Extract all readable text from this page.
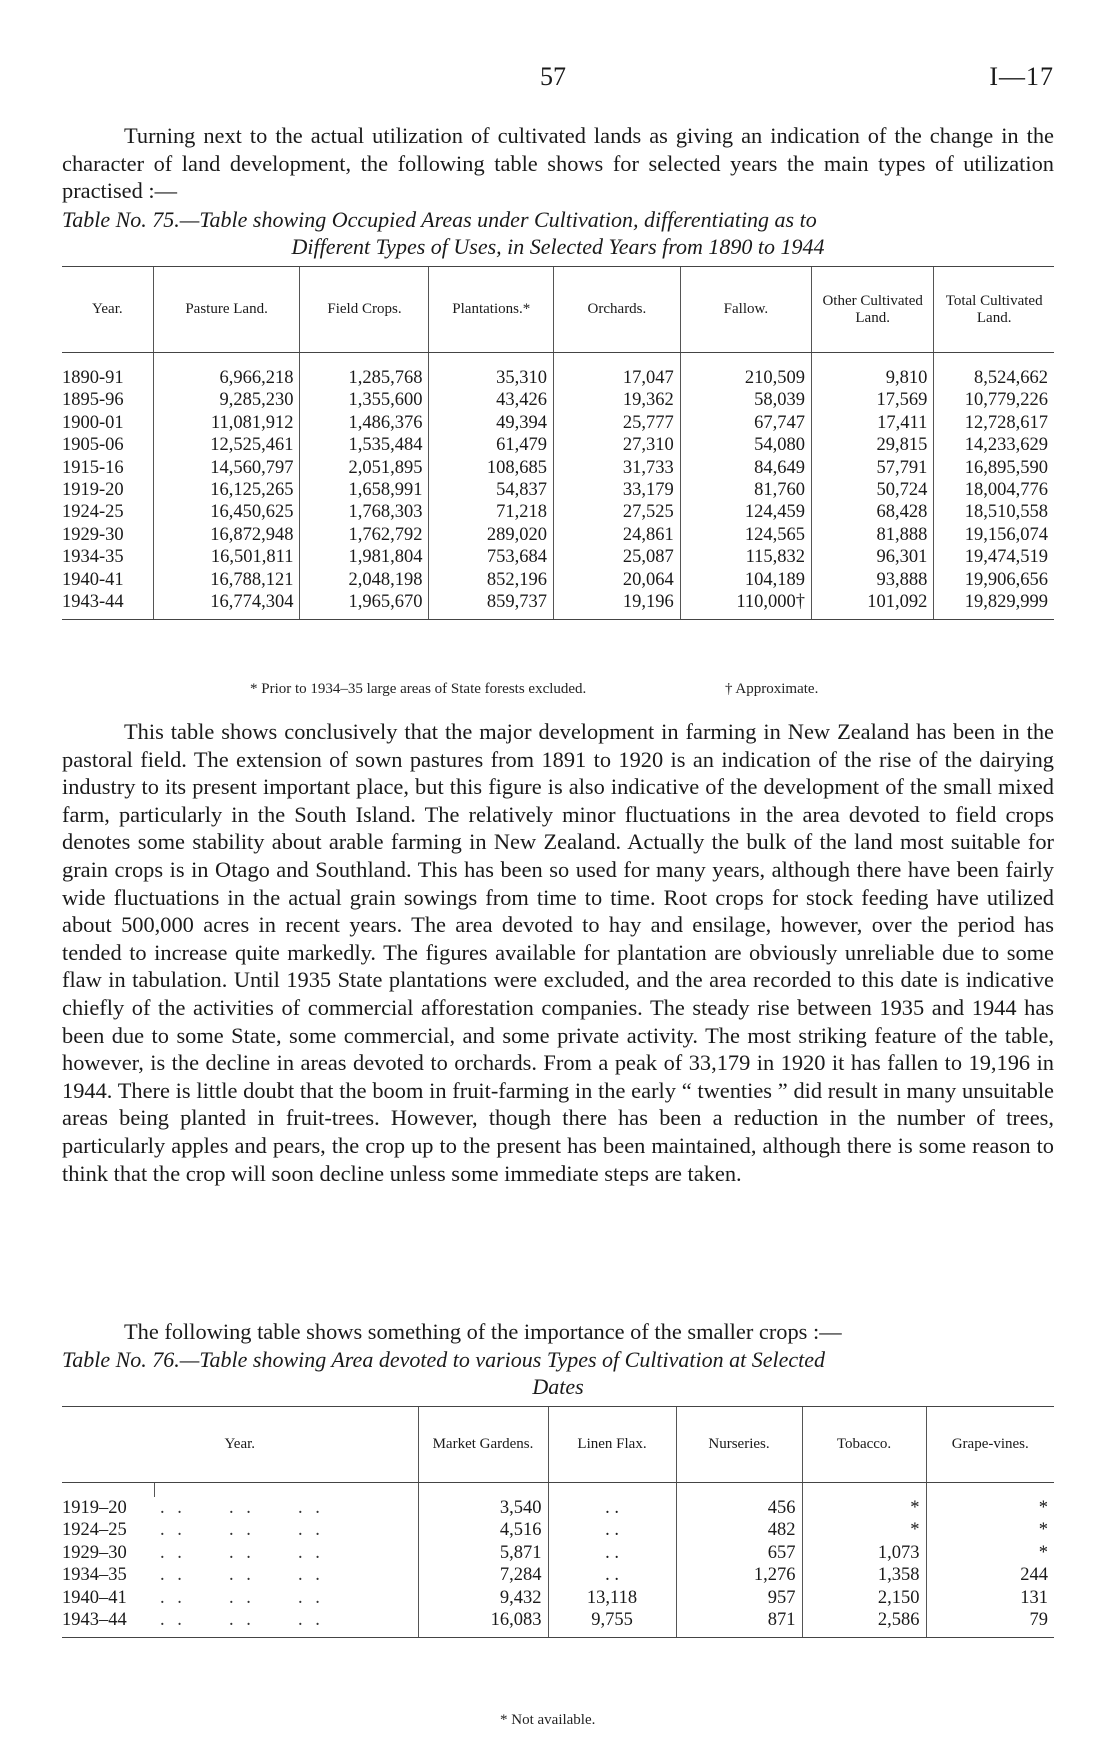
57	I—17

Turning next to the actual utilization of cultivated lands as giving an indication of the change in the character of land development, the following table shows for selected years the main types of utilization practised :—

Table No. 75.—Table showing Occupied Areas under Cultivation, differentiating as to
Different Types of Uses, in Selected Years from 1890 to 1944
Year.	Pasture Land.	Field Crops.	Plantations.*	Orchards.	Fallow.	Other Cultivated Land.	Total Cultivated Land.

1890-91	6,966,218	1,285,768	35,310	17,047	210,509	9,810	8,524,662
1895-96	9,285,230	1,355,600	43,426	19,362	58,039	17,569	10,779,226
1900-01	11,081,912	1,486,376	49,394	25,777	67,747	17,411	12,728,617
1905-06	12,525,461	1,535,484	61,479	27,310	54,080	29,815	14,233,629
1915-16	14,560,797	2,051,895	108,685	31,733	84,649	57,791	16,895,590
1919-20	16,125,265	1,658,991	54,837	33,179	81,760	50,724	18,004,776
1924-25	16,450,625	1,768,303	71,218	27,525	124,459	68,428	18,510,558
1929-30	16,872,948	1,762,792	289,020	24,861	124,565	81,888	19,156,074
1934-35	16,501,811	1,981,804	753,684	25,087	115,832	96,301	19,474,519
1940-41	16,788,121	2,048,198	852,196	20,064	104,189	93,888	19,906,656
1943-44	16,774,304	1,965,670	859,737	19,196	110,000†	101,092	19,829,999
* Prior to 1934–35 large areas of State forests excluded.	† Approximate.

This table shows conclusively that the major development in farming in New Zealand has been in the pastoral field. The extension of sown pastures from 1891 to 1920 is an indication of the rise of the dairying industry to its present important place, but this figure is also indicative of the development of the small mixed farm, particularly in the South Island. The relatively minor fluctuations in the area devoted to field crops denotes some stability about arable farming in New Zealand. Actually the bulk of the land most suitable for grain crops is in Otago and Southland. This has been so used for many years, although there have been fairly wide fluctuations in the actual grain sowings from time to time. Root crops for stock feeding have utilized about 500,000 acres in recent years. The area devoted to hay and ensilage, however, over the period has tended to increase quite markedly. The figures available for plantation are obviously unreliable due to some flaw in tabulation. Until 1935 State plantations were excluded, and the area recorded to this date is indicative chiefly of the activities of commercial afforestation companies. The steady rise between 1935 and 1944 has been due to some State, some commercial, and some private activity. The most striking feature of the table, however, is the decline in areas devoted to orchards. From a peak of 33,179 in 1920 it has fallen to 19,196 in 1944. There is little doubt that the boom in fruit-farming in the early “ twenties ” did result in many unsuitable areas being planted in fruit-trees. However, though there has been a reduction in the number of trees, particularly apples and pears, the crop up to the present has been maintained, although there is some reason to think that the crop will soon decline unless some immediate steps are taken.

The following table shows something of the importance of the smaller crops :—

Table No. 76.—Table showing Area devoted to various Types of Cultivation at Selected
Dates
Year.		Market Gardens.	Linen Flax.	Nurseries.	Tobacco.	Grape-vines.

1919–20	. .     . .     . .	3,540	. .	456	*	*
1924–25	. .     . .     . .	4,516	. .	482	*	*
1929–30	. .     . .     . .	5,871	. .	657	1,073	*
1934–35	. .     . .     . .	7,284	. .	1,276	1,358	244
1940–41	. .     . .     . .	9,432	13,118	957	2,150	131
1943–44	. .     . .     . .	16,083	9,755	871	2,586	79
* Not available.
